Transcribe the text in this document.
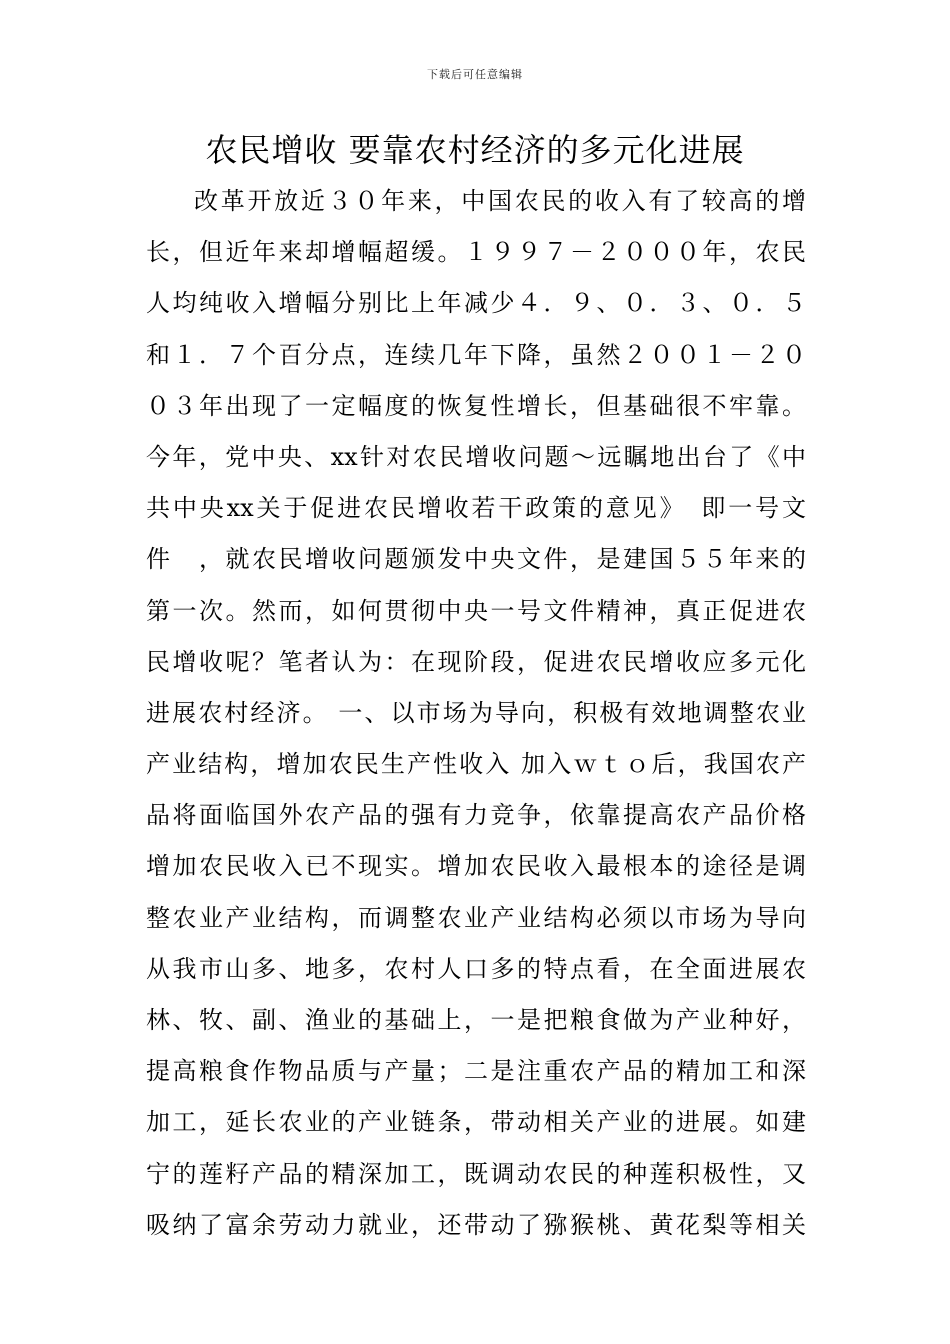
下载后可任意编辑
农民增收 要靠农村经济的多元化进展
改革开放近３０年来，中国农民的收入有了较高的增
长，但近年来却增幅超缓。１９９７－２０００年，农民
人均纯收入增幅分别比上年减少４．９、０．３、０．５
和１．７个百分点，连续几年下降，虽然２００１－２０
０３年出现了一定幅度的恢复性增长，但基础很不牢靠。
今年，党中央、xx针对农民增收问题～远瞩地出台了《中
共中央xx关于促进农民增收若干政策的意见》　即一号文
件　，就农民增收问题颁发中央文件，是建国５５年来的
第一次。然而，如何贯彻中央一号文件精神，真正促进农
民增收呢？笔者认为：在现阶段，促进农民增收应多元化
进展农村经济。 一、以市场为导向，积极有效地调整农业
产业结构，增加农民生产性收入 加入ｗｔｏ后，我国农产
品将面临国外农产品的强有力竞争，依靠提高农产品价格
增加农民收入已不现实。增加农民收入最根本的途径是调
整农业产业结构，而调整农业产业结构必须以市场为导向
从我市山多、地多，农村人口多的特点看，在全面进展农
林、牧、副、渔业的基础上，一是把粮食做为产业种好，
提高粮食作物品质与产量；二是注重农产品的精加工和深
加工，延长农业的产业链条，带动相关产业的进展。如建
宁的莲籽产品的精深加工，既调动农民的种莲积极性，又
吸纳了富余劳动力就业，还带动了猕猴桃、黄花梨等相关
